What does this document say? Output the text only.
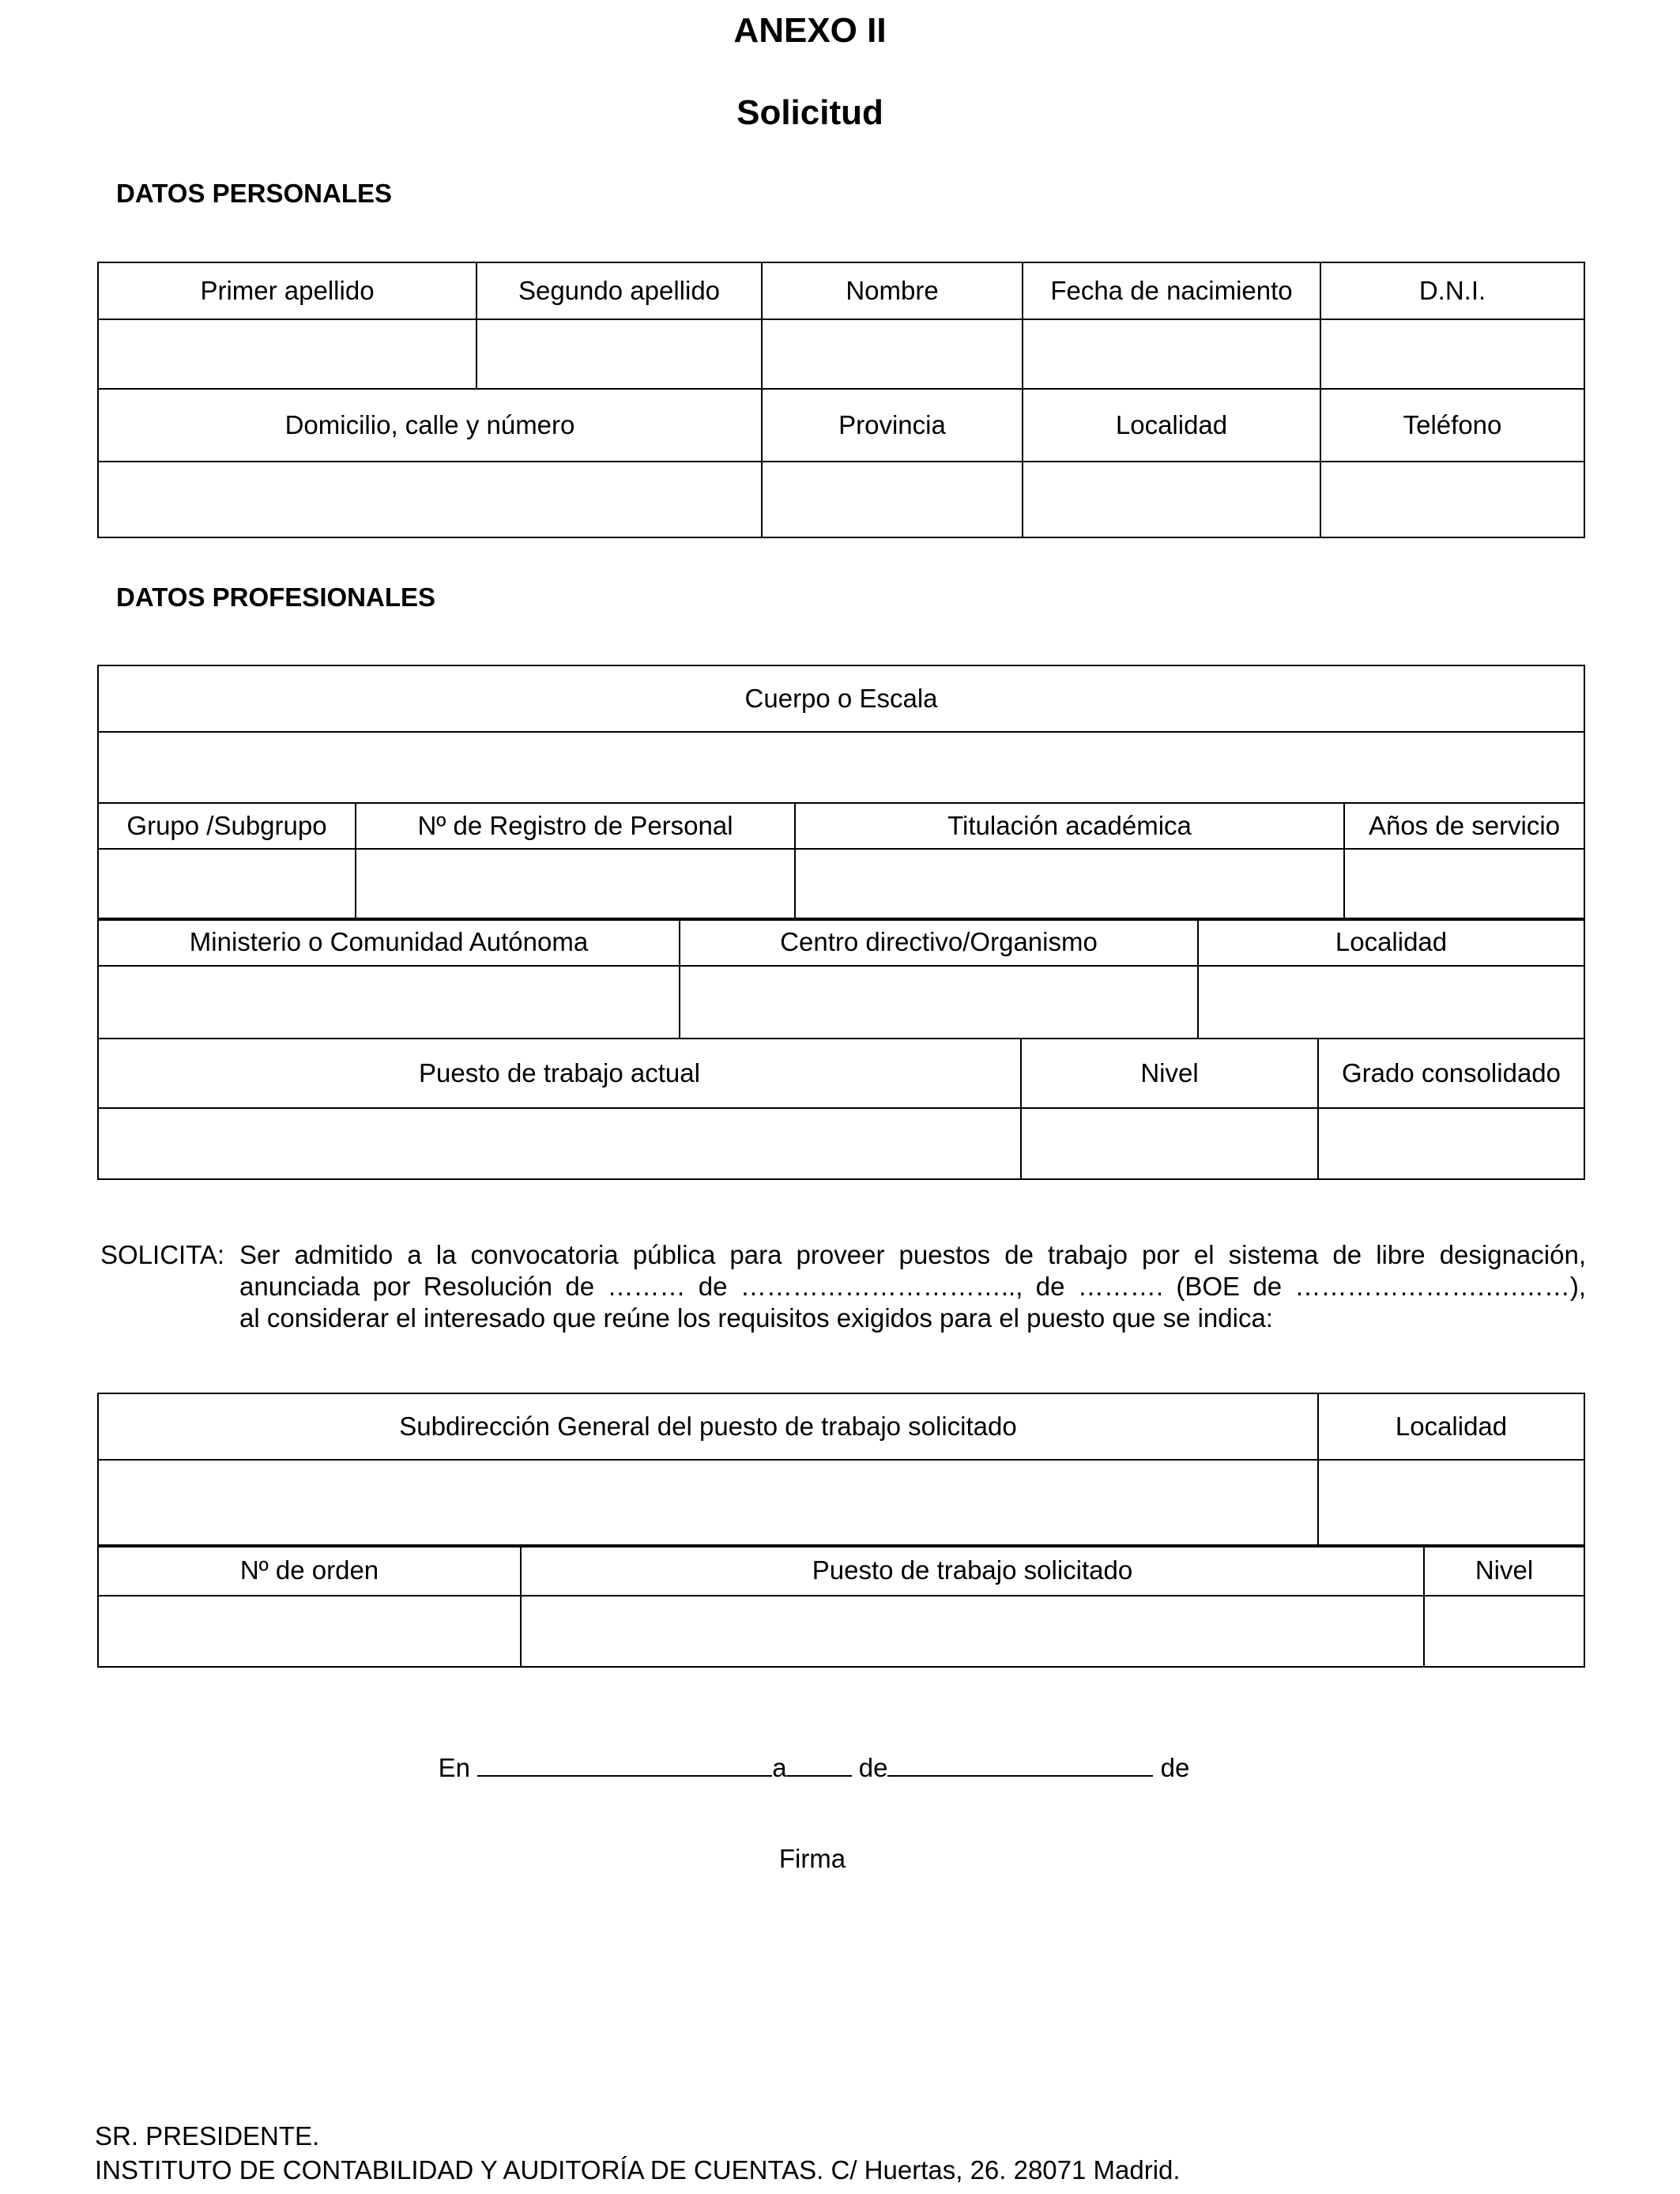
ANEXO II
Solicitud
DATOS PERSONALES
Primer apellido	Segundo apellido	Nombre	Fecha de nacimiento	D.N.I.

Domicilio, calle y número		Provincia	Localidad	Teléfono

DATOS PROFESIONALES
Cuerpo o Escala			

Grupo /Subgrupo	Nº de Registro de Personal	Titulación académica	Años de servicio

Ministerio o Comunidad Autónoma	Centro directivo/Organismo	Localidad

Puesto de trabajo actual	Nivel	Grado consolidado

SOLICITA: Ser admitido a la convocatoria pública para proveer puestos de trabajo por el sistema de libre designación,
anunciada por Resolución de ……… de ………………………….., de ………. (BOE de ………………….….……),
al considerar el interesado que reúne los requisitos exigidos para el puesto que se indica:
Subdirección General del puesto de trabajo solicitado	Localidad

Nº de orden	Puesto de trabajo solicitado	Nivel

En	a	de	de
Firma
SR. PRESIDENTE.
INSTITUTO DE CONTABILIDAD Y AUDITORÍA DE CUENTAS. C/ Huertas, 26. 28071 Madrid.
